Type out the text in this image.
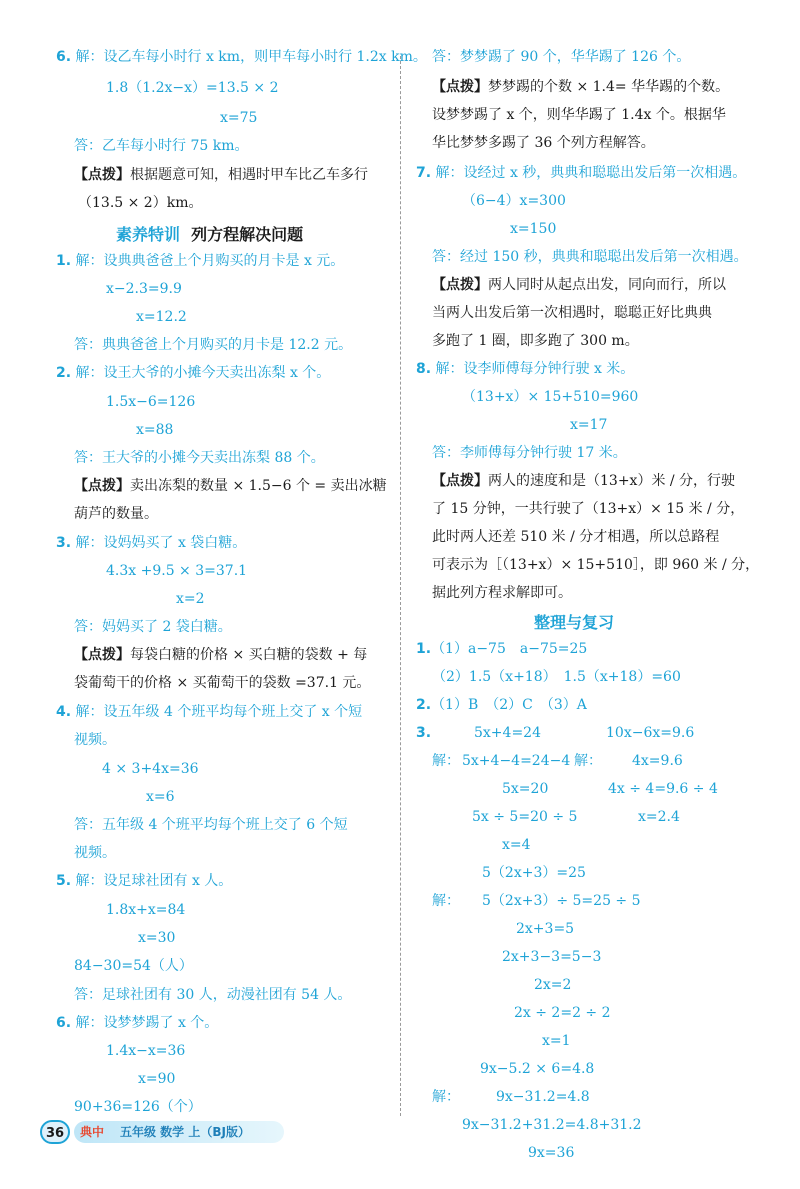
6. 解：设乙车每小时行 x km，则甲车每小时行 1.2x km。
1.8（1.2x−x）=13.5 × 2
x=75
答：乙车每小时行 75 km。
【点拨】根据题意可知，相遇时甲车比乙车多行
（13.5 × 2）km。
素养特训 列方程解决问题
1. 解：设典典爸爸上个月购买的月卡是 x 元。
x−2.3=9.9
x=12.2
答：典典爸爸上个月购买的月卡是 12.2 元。
2. 解：设王大爷的小摊今天卖出冻梨 x 个。
1.5x−6=126
x=88
答：王大爷的小摊今天卖出冻梨 88 个。
【点拨】卖出冻梨的数量 × 1.5−6 个 = 卖出冰糖
葫芦的数量。
3. 解：设妈妈买了 x 袋白糖。
4.3x +9.5 × 3=37.1
x=2
答：妈妈买了 2 袋白糖。
【点拨】每袋白糖的价格 × 买白糖的袋数 + 每
袋葡萄干的价格 × 买葡萄干的袋数 =37.1 元。
4. 解：设五年级 4 个班平均每个班上交了 x 个短
视频。
4 × 3+4x=36
x=6
答：五年级 4 个班平均每个班上交了 6 个短
视频。
5. 解：设足球社团有 x 人。
1.8x+x=84
x=30
84−30=54（人）
答：足球社团有 30 人，动漫社团有 54 人。
6. 解：设梦梦踢了 x 个。
1.4x−x=36
x=90
90+36=126（个）
答：梦梦踢了 90 个，华华踢了 126 个。
【点拨】梦梦踢的个数 × 1.4= 华华踢的个数。
设梦梦踢了 x 个，则华华踢了 1.4x 个。根据华
华比梦梦多踢了 36 个列方程解答。
7. 解：设经过 x 秒，典典和聪聪出发后第一次相遇。
（6−4）x=300
x=150
答：经过 150 秒，典典和聪聪出发后第一次相遇。
【点拨】两人同时从起点出发，同向而行，所以
当两人出发后第一次相遇时，聪聪正好比典典
多跑了 1 圈，即多跑了 300 m。
8. 解：设李师傅每分钟行驶 x 米。
（13+x）× 15+510=960
x=17
答：李师傅每分钟行驶 17 米。
【点拨】两人的速度和是（13+x）米 / 分，行驶
了 15 分钟，一共行驶了（13+x）× 15 米 / 分，
此时两人还差 510 米 / 分才相遇，所以总路程
可表示为［（13+x）× 15+510］，即 960 米 / 分，
据此列方程求解即可。
整理与复习
1.（1）a−75　a−75=25
（2）1.5（x+18）　1.5（x+18）=60
2.（1）B　（2）C　（3）A
3.	5x+4=24	10x−6x=9.6
解： 5x+4−4=24−4 解： 4x=9.6
5x=20	4x ÷ 4=9.6 ÷ 4
5x ÷ 5=20 ÷ 5	x=2.4
x=4
5（2x+3）=25
解： 5（2x+3）÷ 5=25 ÷ 5
2x+3=5
2x+3−3=5−3
2x=2
2x ÷ 2=2 ÷ 2
x=1
9x−5.2 × 6=4.8
解：	9x−31.2=4.8
9x−31.2+31.2=4.8+31.2
9x=36
36	典中 五年级 数学 上（BJ版）
